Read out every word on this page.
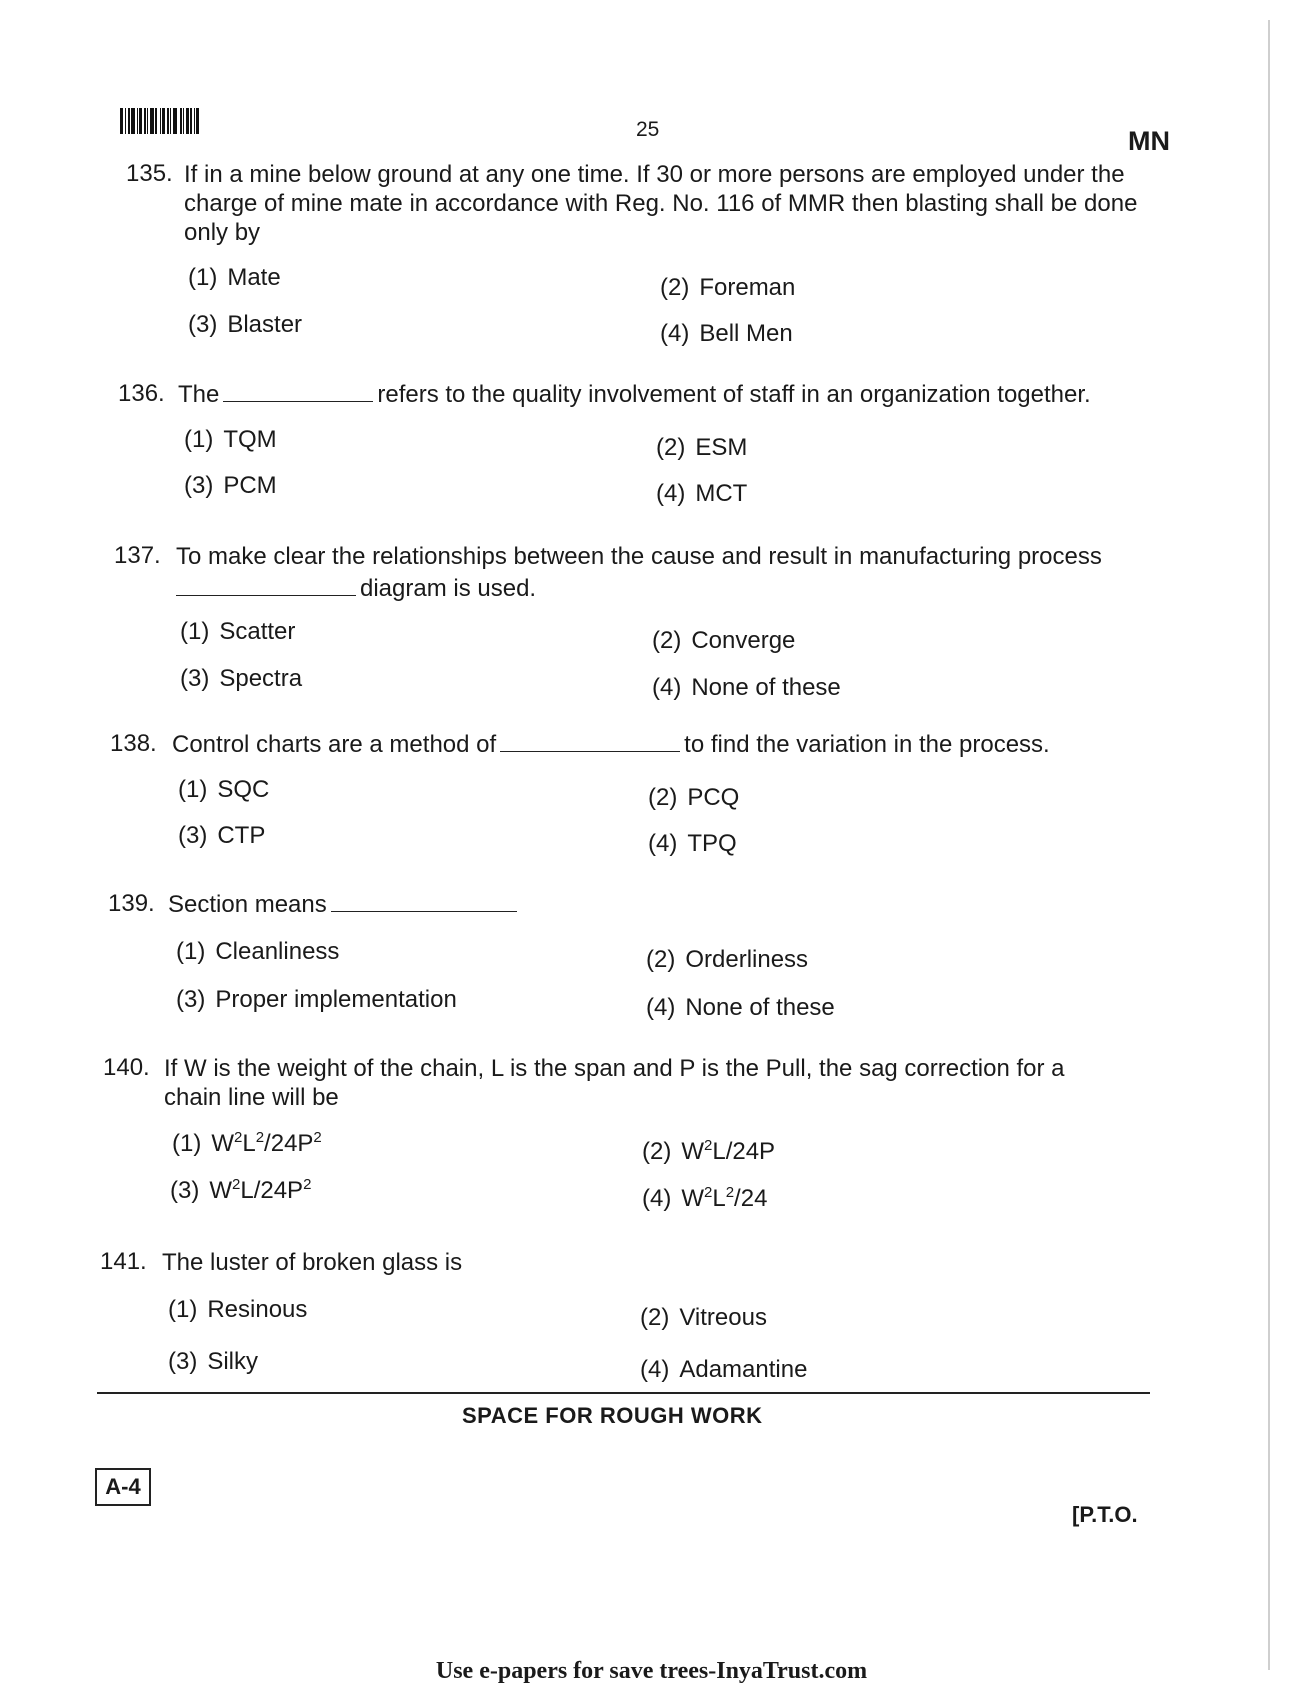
25	MN
135. If in a mine below ground at any one time. If 30 or more persons are employed under the charge of mine mate in accordance with Reg. No. 116 of MMR then blasting shall be done only by
(1) Mate	(2) Foreman
(3) Blaster	(4) Bell Men
136. The	refers to the quality involvement of staff in an organization together.
(1) TQM	(2) ESM
(3) PCM	(4) MCT
137. To make clear the relationships between the cause and result in manufacturing process
diagram is used.
(1) Scatter	(2) Converge
(3) Spectra	(4) None of these
138. Control charts are a method of	to find the variation in the process.
(1) SQC	(2) PCQ
(3) CTP	(4) TPQ
139. Section means
(1) Cleanliness	(2) Orderliness
(3) Proper implementation	(4) None of these
140. If W is the weight of the chain, L is the span and P is the Pull, the sag correction for a chain line will be
(1) $W^2L^2/24P^2$
(2) $W^2L/24P$
(3) $W^2L/24P^2$
(4) $W^2L^2/24$
141. The luster of broken glass is
(1) Resinous	(2) Vitreous
(3) Silky	(4) Adamantine
SPACE FOR ROUGH WORK
A-4
[P.T.O.
Use e-papers for save trees-InyaTrust.com
